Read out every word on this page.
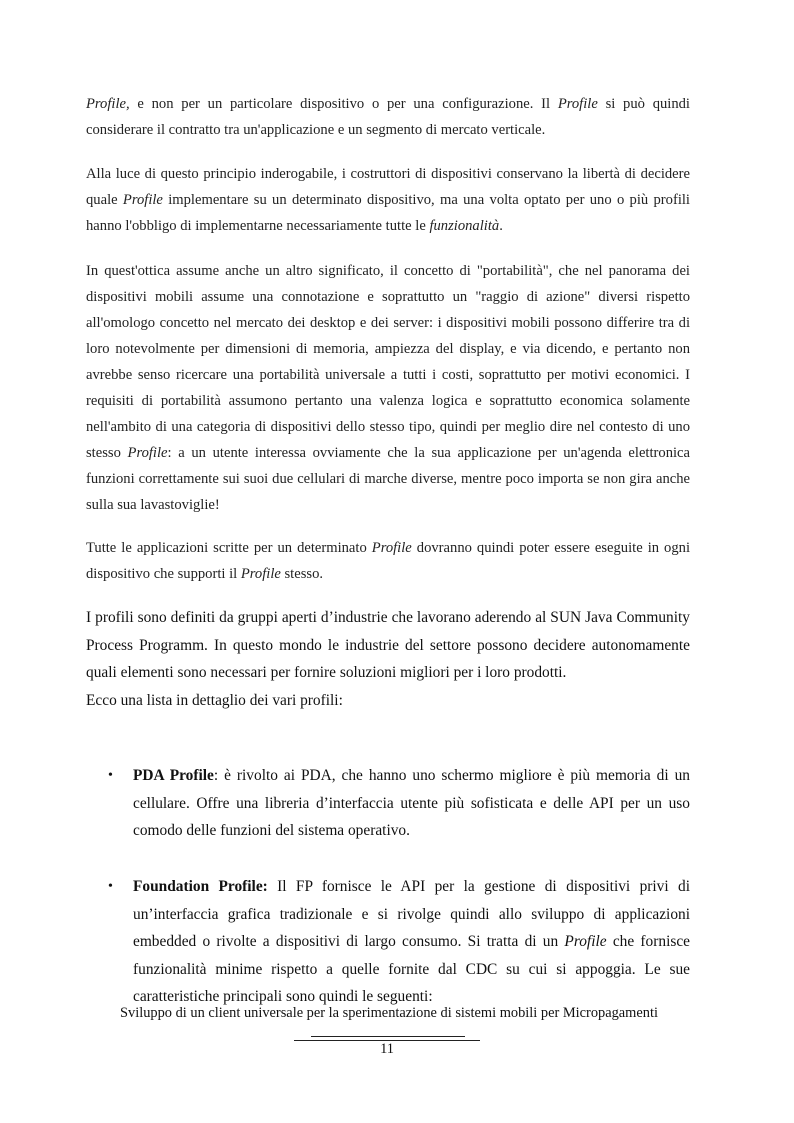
Profile, e non per un particolare dispositivo o per una configurazione. Il Profile si può quindi considerare il contratto tra un'applicazione e un segmento di mercato verticale.

Alla luce di questo principio inderogabile, i costruttori di dispositivi conservano la libertà di decidere quale Profile implementare su un determinato dispositivo, ma una volta optato per uno o più profili hanno l'obbligo di implementarne necessariamente tutte le funzionalità.

In quest'ottica assume anche un altro significato, il concetto di "portabilità", che nel panorama dei dispositivi mobili assume una connotazione e soprattutto un "raggio di azione" diversi rispetto all'omologo concetto nel mercato dei desktop e dei server: i dispositivi mobili possono differire tra di loro notevolmente per dimensioni di memoria, ampiezza del display, e via dicendo, e pertanto non avrebbe senso ricercare una portabilità universale a tutti i costi, soprattutto per motivi economici. I requisiti di portabilità assumono pertanto una valenza logica e soprattutto economica solamente nell'ambito di una categoria di dispositivi dello stesso tipo, quindi per meglio dire nel contesto di uno stesso Profile: a un utente interessa ovviamente che la sua applicazione per un'agenda elettronica funzioni correttamente sui suoi due cellulari di marche diverse, mentre poco importa se non gira anche sulla sua lavastoviglie!

Tutte le applicazioni scritte per un determinato Profile dovranno quindi poter essere eseguite in ogni dispositivo che supporti il Profile stesso.

I profili sono definiti da gruppi aperti d’industrie che lavorano aderendo al SUN Java Community Process Programm. In questo mondo le industrie del settore possono decidere autonomamente quali elementi sono necessari per fornire soluzioni migliori per i loro prodotti.

Ecco una lista in dettaglio dei vari profili:

• PDA Profile: è rivolto ai PDA, che hanno uno schermo migliore è più memoria di un cellulare. Offre una libreria d’interfaccia utente più sofisticata e delle API per un uso comodo delle funzioni del sistema operativo.
• Foundation Profile: Il FP fornisce le API per la gestione di dispositivi privi di un’interfaccia grafica tradizionale e si rivolge quindi allo sviluppo di applicazioni embedded o rivolte a dispositivi di largo consumo. Si tratta di un Profile che fornisce funzionalità minime rispetto a quelle fornite dal CDC su cui si appoggia. Le sue caratteristiche principali sono quindi le seguenti:
Sviluppo di un client universale per la sperimentazione di sistemi mobili per Micropagamenti
11
